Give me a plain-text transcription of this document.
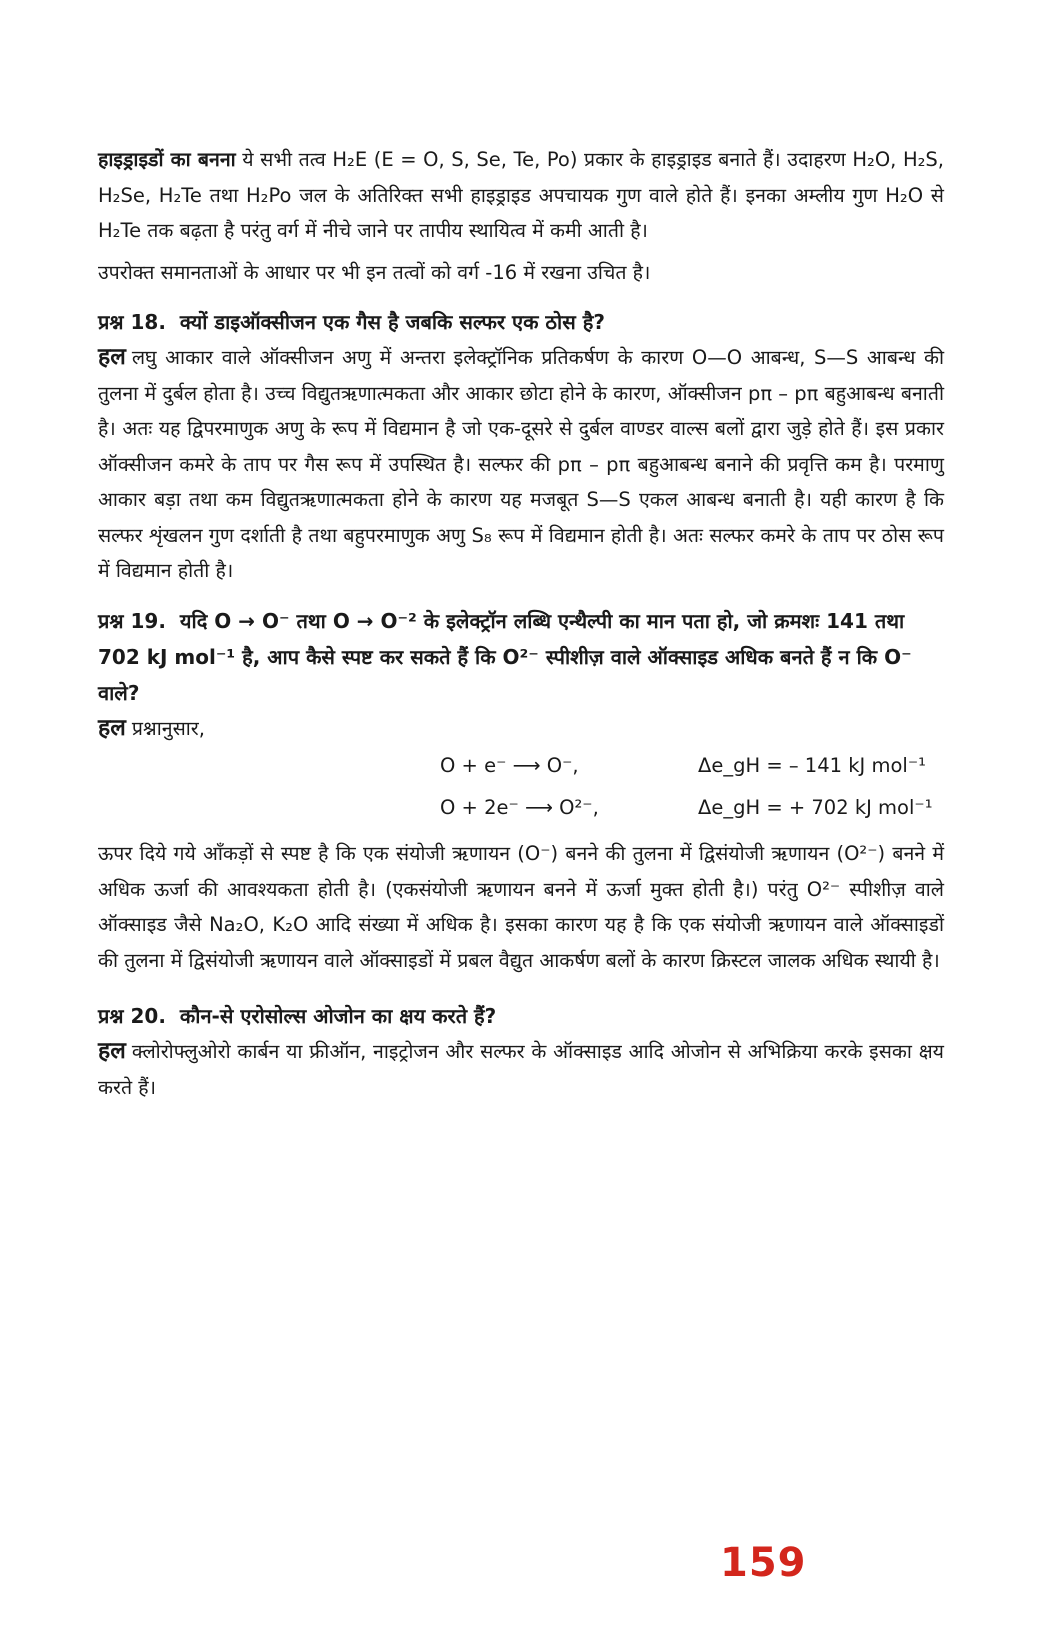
हाइड्राइडों का बनना ये सभी तत्व H₂E (E = O, S, Se, Te, Po) प्रकार के हाइड्राइड बनाते हैं। उदाहरण H₂O, H₂S, H₂Se, H₂Te तथा H₂Po जल के अतिरिक्त सभी हाइड्राइड अपचायक गुण वाले होते हैं। इनका अम्लीय गुण H₂O से H₂Te तक बढ़ता है परंतु वर्ग में नीचे जाने पर तापीय स्थायित्व में कमी आती है।

उपरोक्त समानताओं के आधार पर भी इन तत्वों को वर्ग -16 में रखना उचित है।

प्रश्न 18. क्यों डाइऑक्सीजन एक गैस है जबकि सल्फर एक ठोस है?

हल लघु आकार वाले ऑक्सीजन अणु में अन्तरा इलेक्ट्रॉनिक प्रतिकर्षण के कारण O—O आबन्ध, S—S आबन्ध की तुलना में दुर्बल होता है। उच्च विद्युतऋणात्मकता और आकार छोटा होने के कारण, ऑक्सीजन pπ – pπ बहुआबन्ध बनाती है। अतः यह द्विपरमाणुक अणु के रूप में विद्यमान है जो एक-दूसरे से दुर्बल वाण्डर वाल्स बलों द्वारा जुड़े होते हैं। इस प्रकार ऑक्सीजन कमरे के ताप पर गैस रूप में उपस्थित है। सल्फर की pπ – pπ बहुआबन्ध बनाने की प्रवृत्ति कम है। परमाणु आकार बड़ा तथा कम विद्युतऋणात्मकता होने के कारण यह मजबूत S—S एकल आबन्ध बनाती है। यही कारण है कि सल्फर शृंखलन गुण दर्शाती है तथा बहुपरमाणुक अणु S₈ रूप में विद्यमान होती है। अतः सल्फर कमरे के ताप पर ठोस रूप में विद्यमान होती है।

प्रश्न 19. यदि O → O⁻ तथा O → O⁻² के इलेक्ट्रॉन लब्धि एन्थैल्पी का मान पता हो, जो क्रमशः 141 तथा 702 kJ mol⁻¹ है, आप कैसे स्पष्ट कर सकते हैं कि O²⁻ स्पीशीज़ वाले ऑक्साइड अधिक बनते हैं न कि O⁻ वाले?

हल प्रश्नानुसार,

O + e⁻ ⟶ O⁻,	Δe_gH = – 141 kJ mol⁻¹
O + 2e⁻ ⟶ O²⁻,	Δe_gH = + 702 kJ mol⁻¹

ऊपर दिये गये आँकड़ों से स्पष्ट है कि एक संयोजी ऋणायन (O⁻) बनने की तुलना में द्विसंयोजी ऋणायन (O²⁻) बनने में अधिक ऊर्जा की आवश्यकता होती है। (एकसंयोजी ऋणायन बनने में ऊर्जा मुक्त होती है।) परंतु O²⁻ स्पीशीज़ वाले ऑक्साइड जैसे Na₂O, K₂O आदि संख्या में अधिक है। इसका कारण यह है कि एक संयोजी ऋणायन वाले ऑक्साइडों की तुलना में द्विसंयोजी ऋणायन वाले ऑक्साइडों में प्रबल वैद्युत आकर्षण बलों के कारण क्रिस्टल जालक अधिक स्थायी है।

प्रश्न 20. कौन-से एरोसोल्स ओजोन का क्षय करते हैं?

हल क्लोरोफ्लुओरो कार्बन या फ्रीऑन, नाइट्रोजन और सल्फर के ऑक्साइड आदि ओजोन से अभिक्रिया करके इसका क्षय करते हैं।

159
